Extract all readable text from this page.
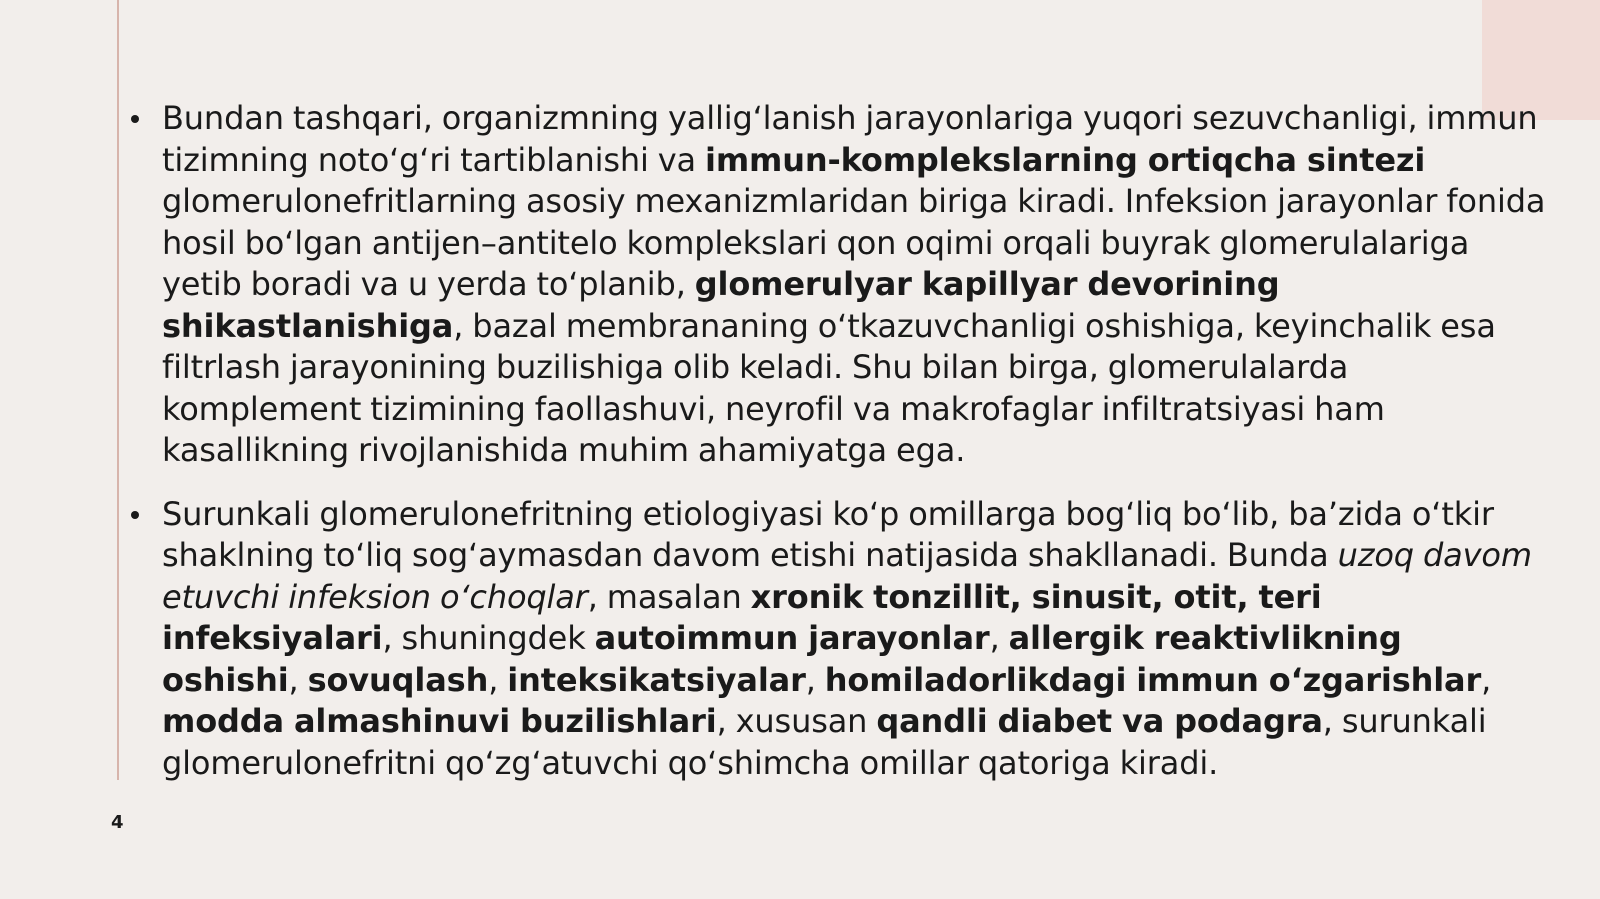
Bundan tashqari, organizmning yallig‘lanish jarayonlariga yuqori sezuvchanligi, immun tizimning noto‘g‘ri tartiblanishi va immun-komplekslarning ortiqcha sintezi glomerulonefritlarning asosiy mexanizmlaridan biriga kiradi. Infeksion jarayonlar fonida hosil bo‘lgan antijen–antitelo komplekslari qon oqimi orqali buyrak glomerulalariga yetib boradi va u yerda to‘planib, glomerulyar kapillyar devorining shikastlanishiga, bazal membrananing o‘tkazuvchanligi oshishiga, keyinchalik esa filtrlash jarayonining buzilishiga olib keladi. Shu bilan birga, glomerulalarda komplement tizimining faollashuvi, neyrofil va makrofaglar infiltratsiyasi ham kasallikning rivojlanishida muhim ahamiyatga ega.
Surunkali glomerulonefritning etiologiyasi ko‘p omillarga bog‘liq bo‘lib, ba’zida o‘tkir shaklning to‘liq sog‘aymasdan davom etishi natijasida shakllanadi. Bunda uzoq davom etuvchi infeksion o‘choqlar, masalan xronik tonzillit, sinusit, otit, teri infeksiyalari, shuningdek autoimmun jarayonlar, allergik reaktivlikning oshishi, sovuqlash, inteksikatsiyalar, homiladorlikdagi immun o‘zgarishlar, modda almashinuvi buzilishlari, xususan qandli diabet va podagra, surunkali glomerulonefritni qo‘zg‘atuvchi qo‘shimcha omillar qatoriga kiradi.
4
